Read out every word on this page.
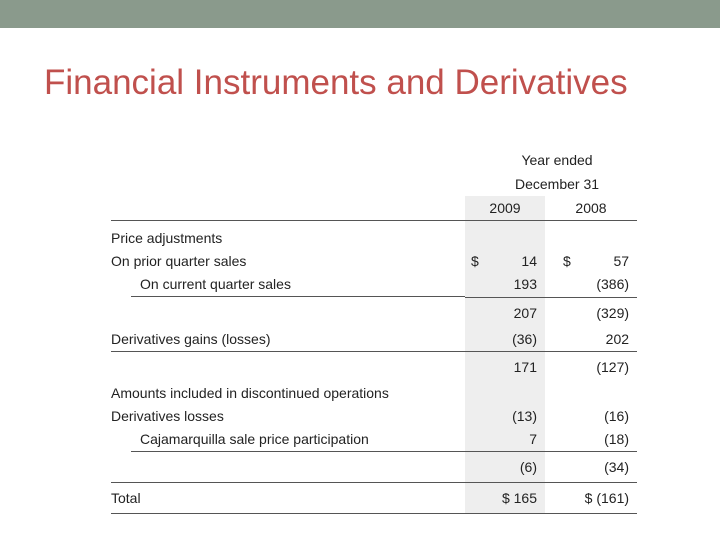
Financial Instruments and Derivatives
	Year ended	
	December 31	
	2009	2008
Price adjustments		
On prior quarter sales	$ 14	$ 57

On current quarter sales	193	(386)
	207	(329)
Derivatives gains (losses)	(36)	202
	171	(127)
Amounts included in discontinued operations		
Derivatives losses	(13)	(16)

Cajamarquilla sale price participation	7	(18)
	(6)	(34)
Total	$ 165	$ (161)
